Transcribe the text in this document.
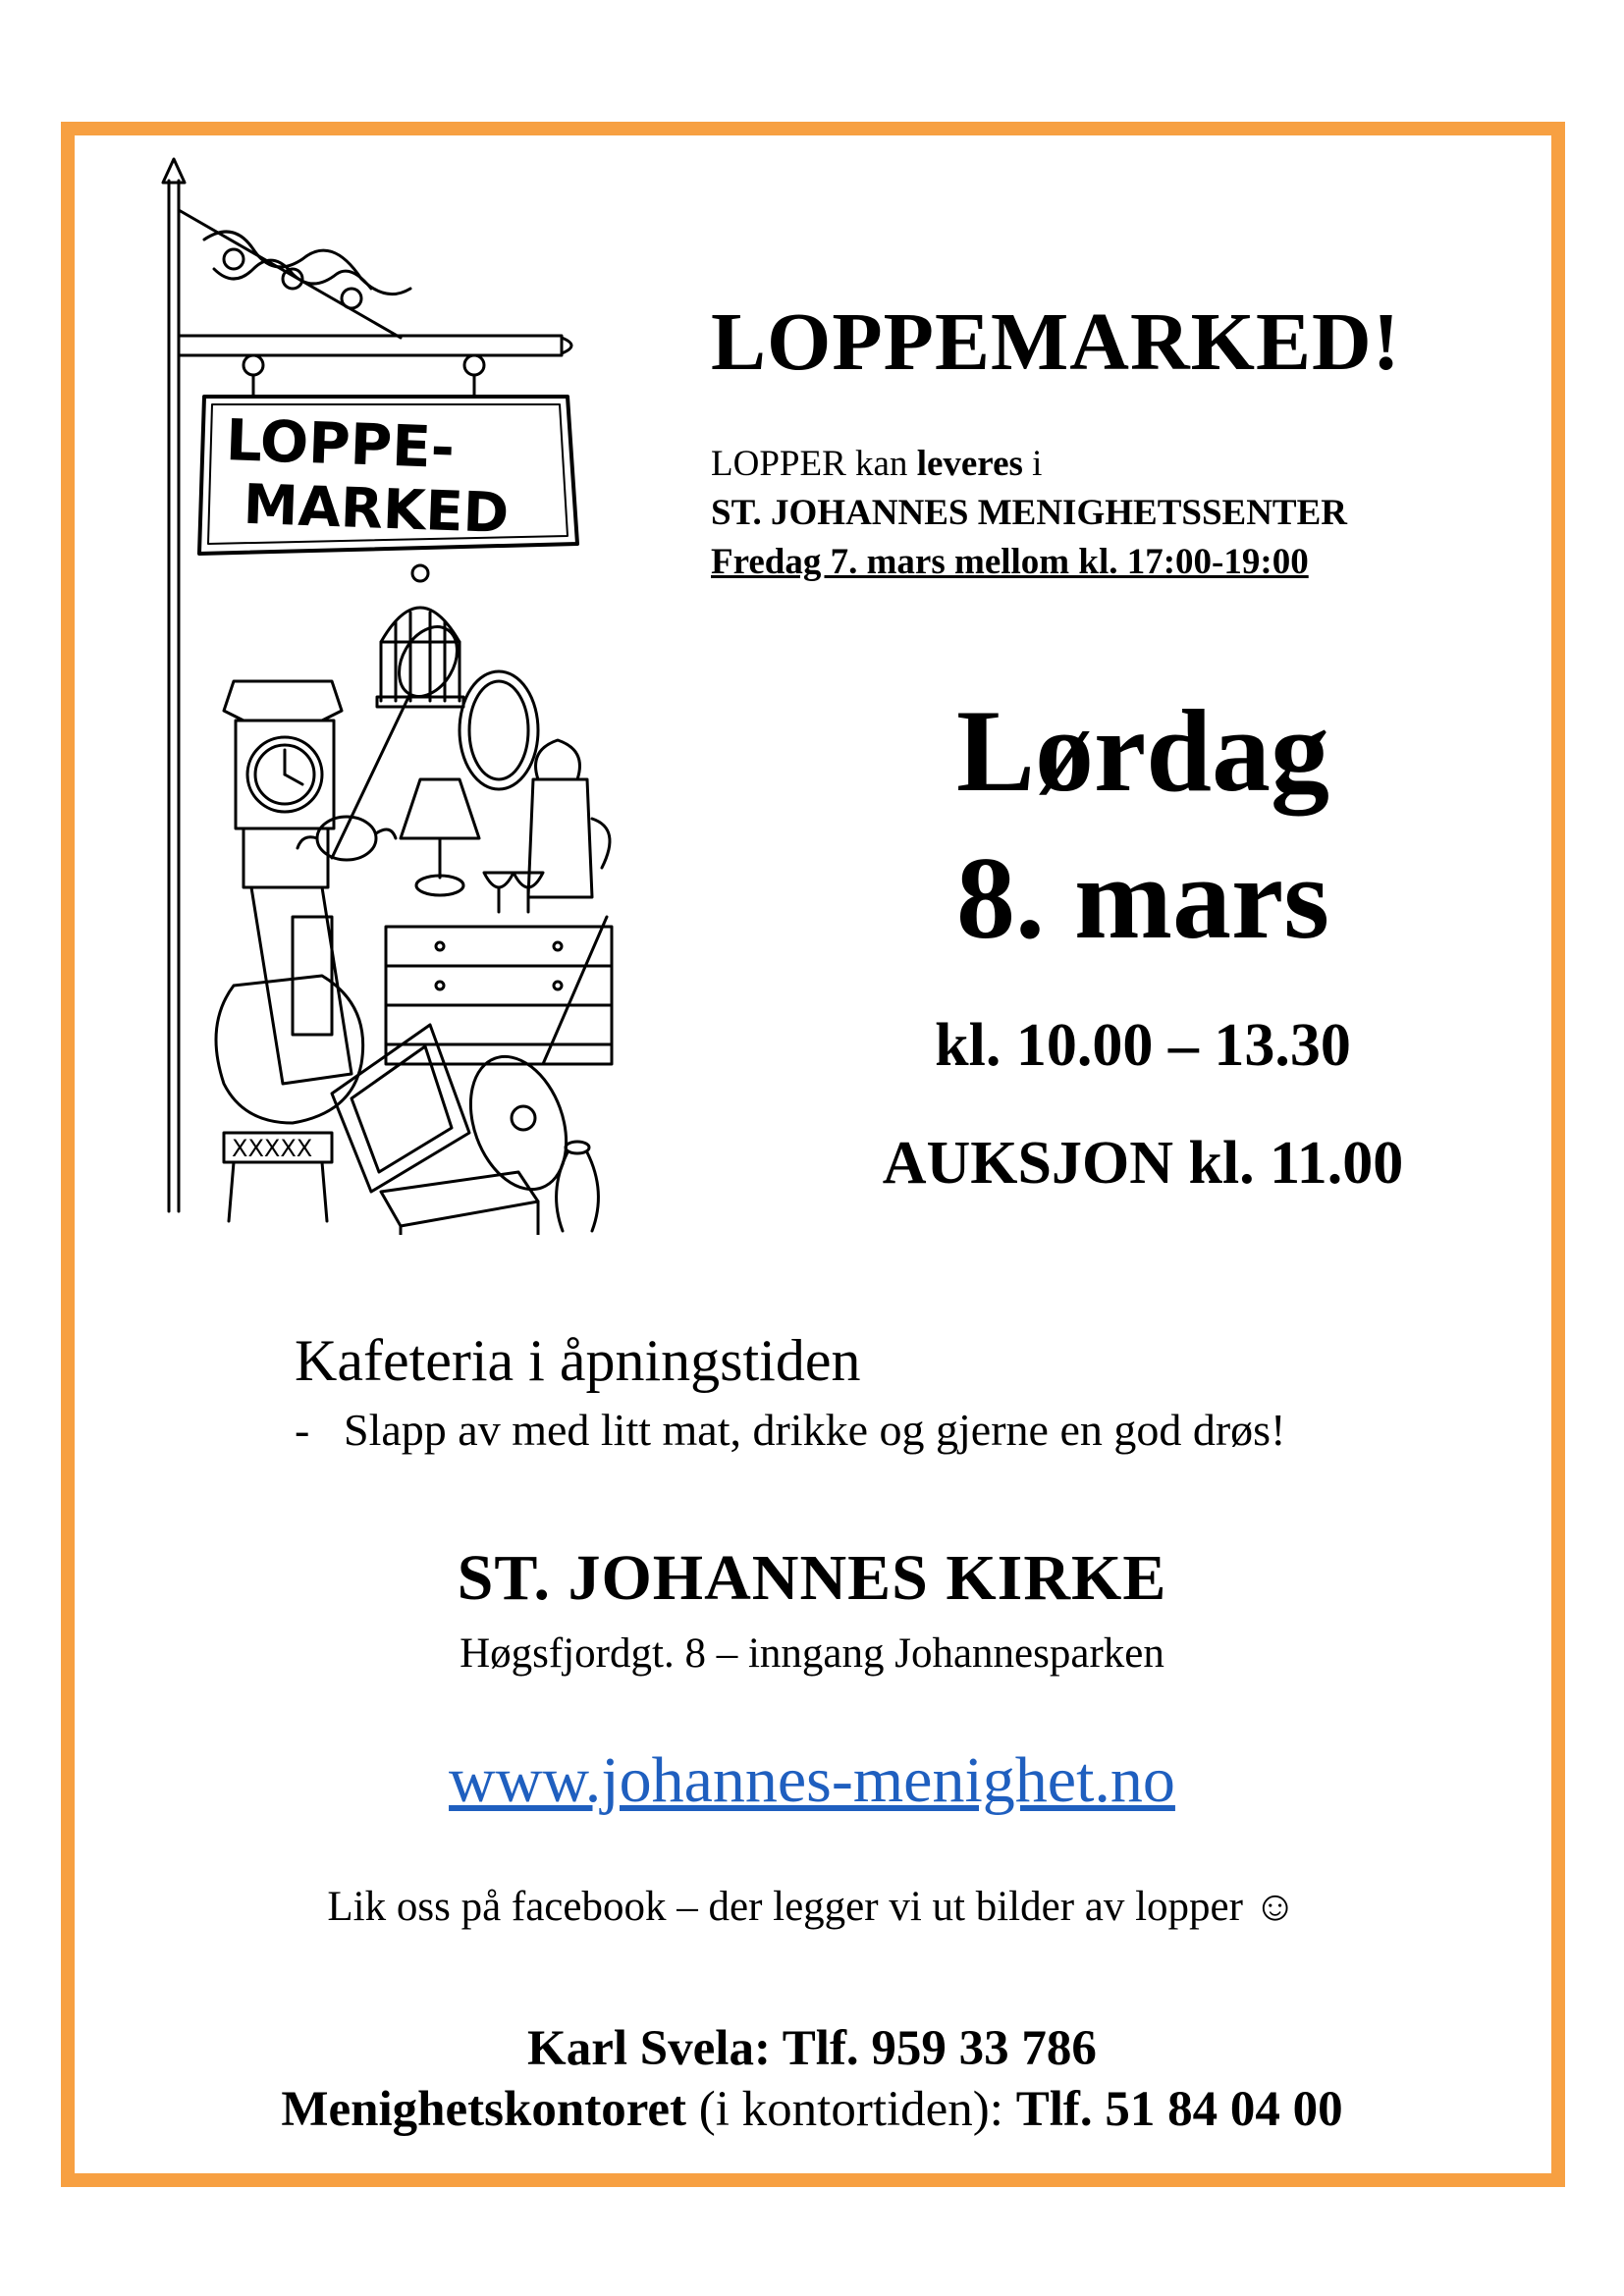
LOPPE-
MARKED
XXXXX
LOPPEMARKED!
LOPPER kan leveres i
ST. JOHANNES MENIGHETSSENTER
Fredag 7. mars mellom kl. 17:00-19:00
Lørdag
8. mars
kl. 10.00 – 13.30
AUKSJON kl. 11.00
Kafeteria i åpningstiden
- Slapp av med litt mat, drikke og gjerne en god drøs!
ST. JOHANNES KIRKE
Høgsfjordgt. 8 – inngang Johannesparken
www.johannes-menighet.no
Lik oss på facebook – der legger vi ut bilder av lopper ☺
Karl Svela: Tlf. 959 33 786
Menighetskontoret (i kontortiden): Tlf. 51 84 04 00
